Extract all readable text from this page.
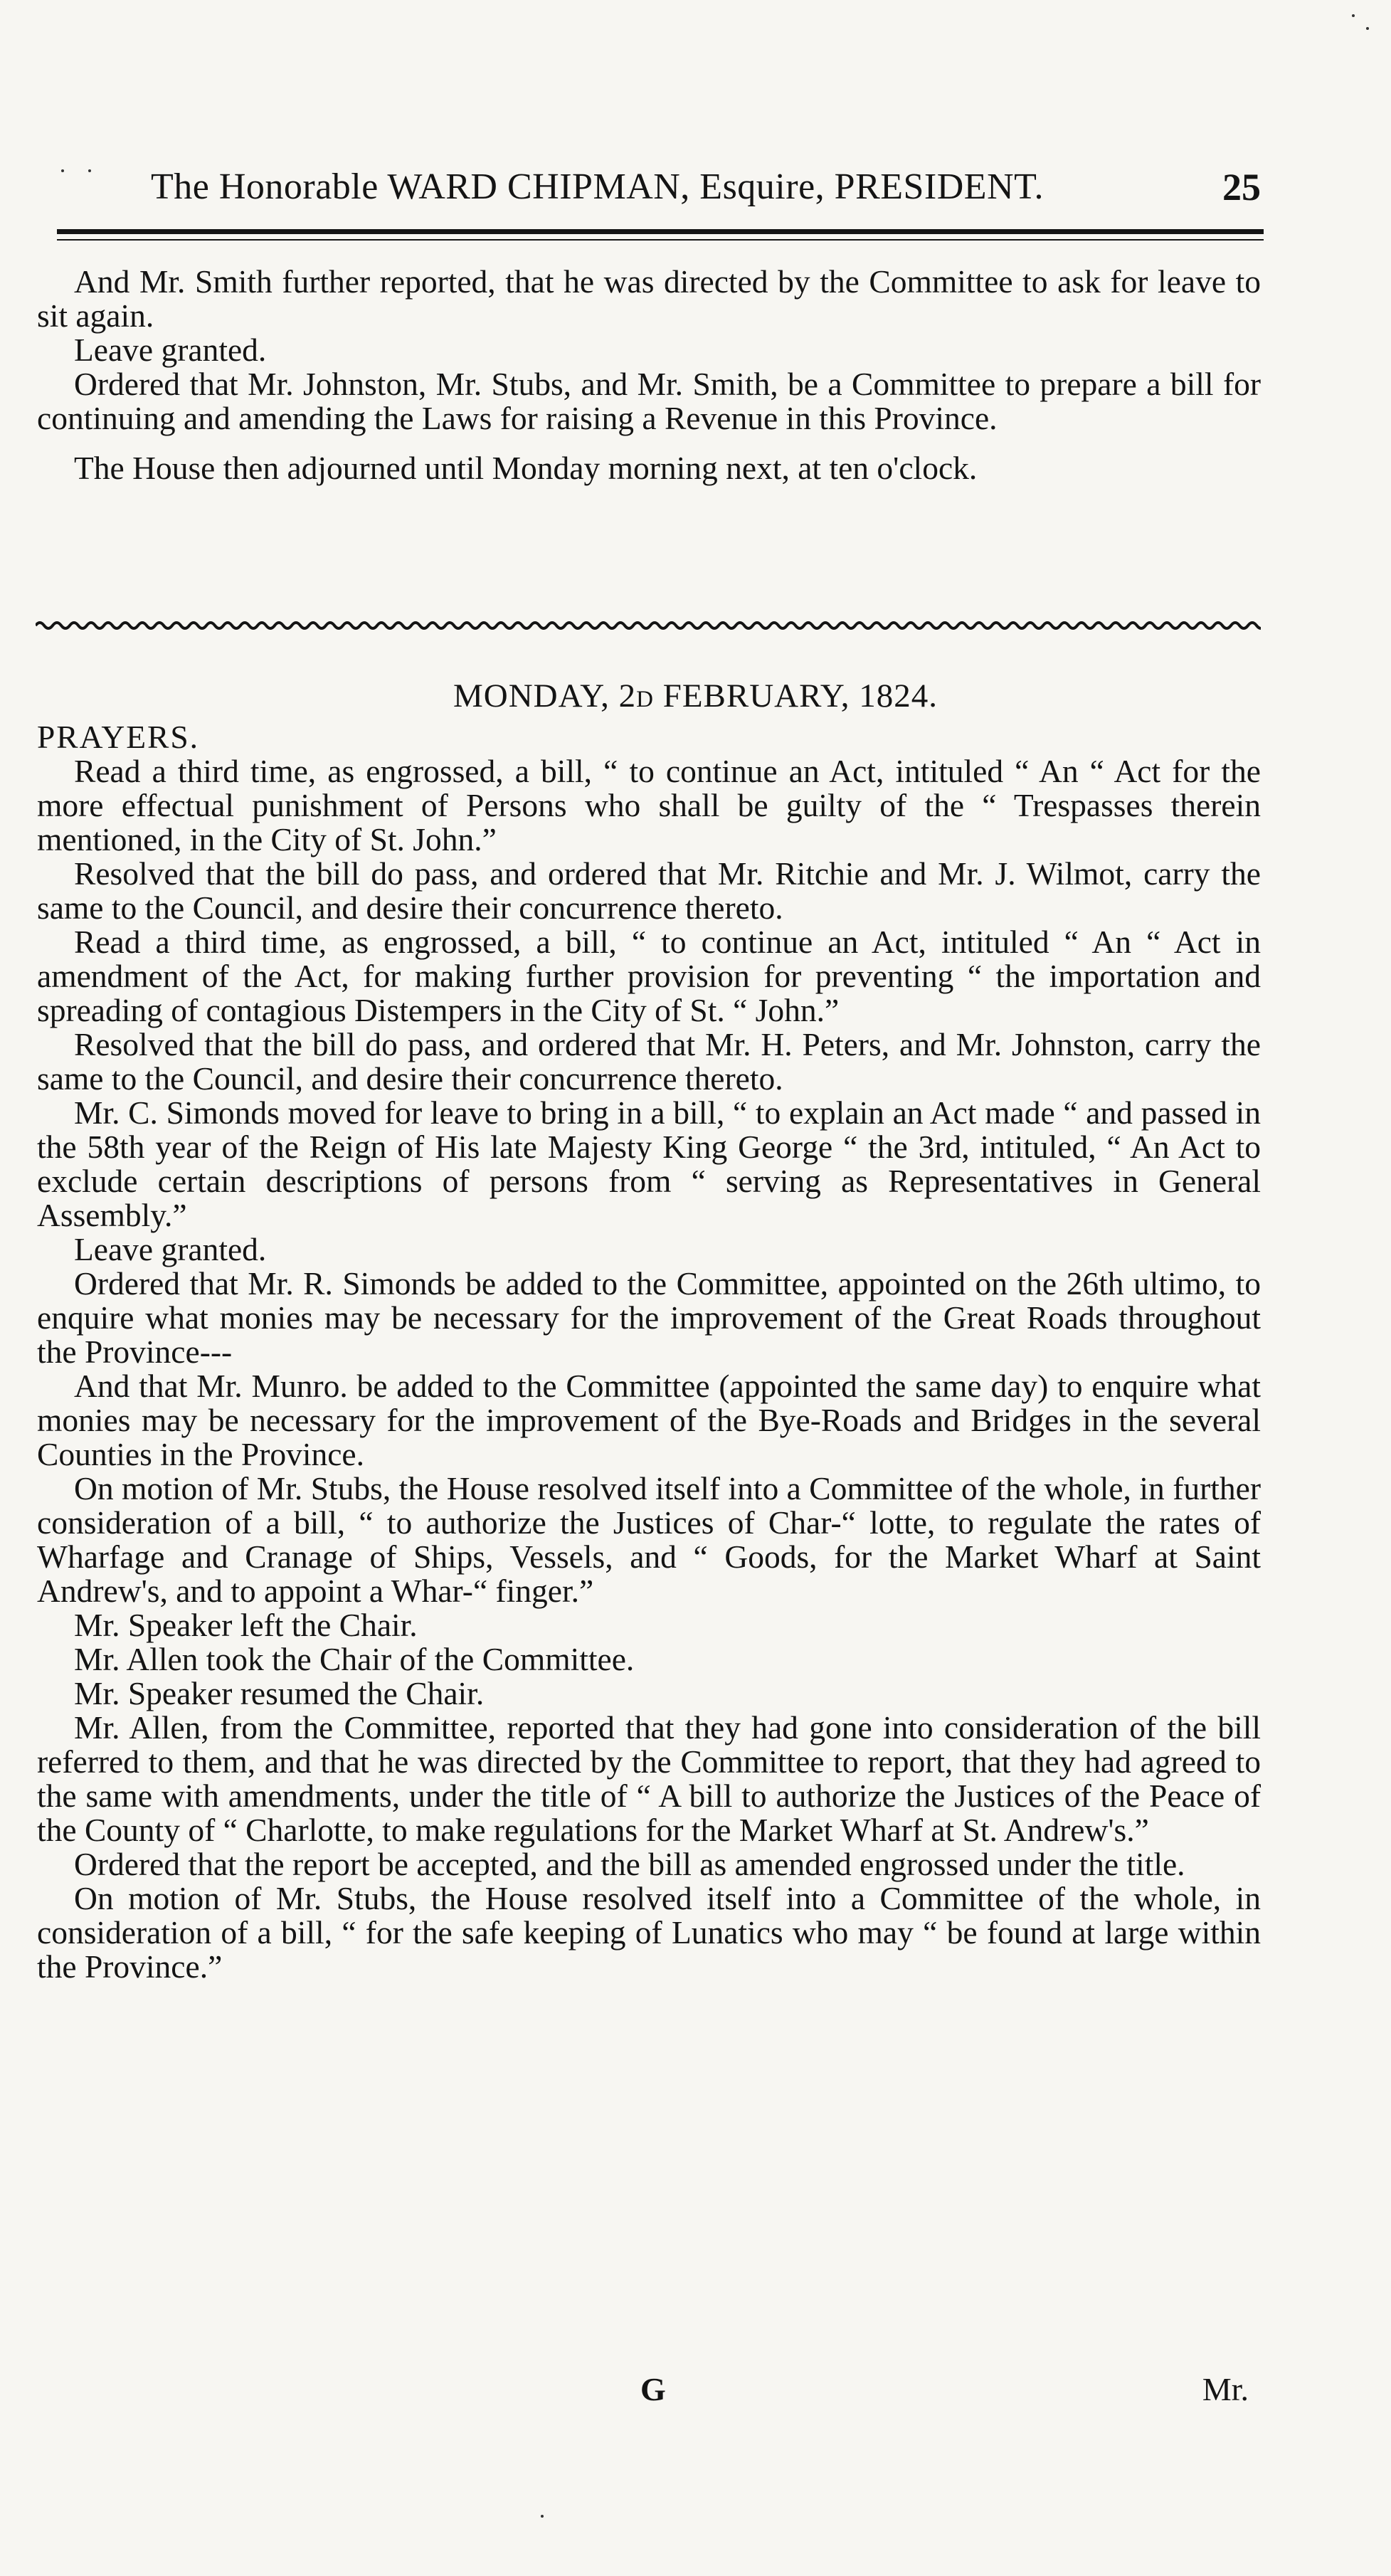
The Honorable WARD CHIPMAN, Esquire, PRESIDENT.	25

And Mr. Smith further reported, that he was directed by the Committee to ask for leave to sit again.

Leave granted.

Ordered that Mr. Johnston, Mr. Stubs, and Mr. Smith, be a Committee to prepare a bill for continuing and amending the Laws for raising a Revenue in this Province.

The House then adjourned until Monday morning next, at ten o'clock.

MONDAY, 2d FEBRUARY, 1824.

PRAYERS.

Read a third time, as engrossed, a bill, “ to continue an Act, intituled “ An “ Act for the more effectual punishment of Persons who shall be guilty of the “ Trespasses therein mentioned, in the City of St. John.”

Resolved that the bill do pass, and ordered that Mr. Ritchie and Mr. J. Wilmot, carry the same to the Council, and desire their concurrence thereto.

Read a third time, as engrossed, a bill, “ to continue an Act, intituled “ An “ Act in amendment of the Act, for making further provision for preventing “ the importation and spreading of contagious Distempers in the City of St. “ John.”

Resolved that the bill do pass, and ordered that Mr. H. Peters, and Mr. Johnston, carry the same to the Council, and desire their concurrence thereto.

Mr. C. Simonds moved for leave to bring in a bill, “ to explain an Act made “ and passed in the 58th year of the Reign of His late Majesty King George “ the 3rd, intituled, “ An Act to exclude certain descriptions of persons from “ serving as Representatives in General Assembly.”

Leave granted.

Ordered that Mr. R. Simonds be added to the Committee, appointed on the 26th ultimo, to enquire what monies may be necessary for the improvement of the Great Roads throughout the Province---

And that Mr. Munro. be added to the Committee (appointed the same day) to enquire what monies may be necessary for the improvement of the Bye-Roads and Bridges in the several Counties in the Province.

On motion of Mr. Stubs, the House resolved itself into a Committee of the whole, in further consideration of a bill, “ to authorize the Justices of Char-“ lotte, to regulate the rates of Wharfage and Cranage of Ships, Vessels, and “ Goods, for the Market Wharf at Saint Andrew's, and to appoint a Whar-“ finger.”

Mr. Speaker left the Chair.

Mr. Allen took the Chair of the Committee.

Mr. Speaker resumed the Chair.

Mr. Allen, from the Committee, reported that they had gone into consideration of the bill referred to them, and that he was directed by the Committee to report, that they had agreed to the same with amendments, under the title of “ A bill to authorize the Justices of the Peace of the County of “ Charlotte, to make regulations for the Market Wharf at St. Andrew's.”

Ordered that the report be accepted, and the bill as amended engrossed under the title.

On motion of Mr. Stubs, the House resolved itself into a Committee of the whole, in consideration of a bill, “ for the safe keeping of Lunatics who may “ be found at large within the Province.”

G	Mr.
